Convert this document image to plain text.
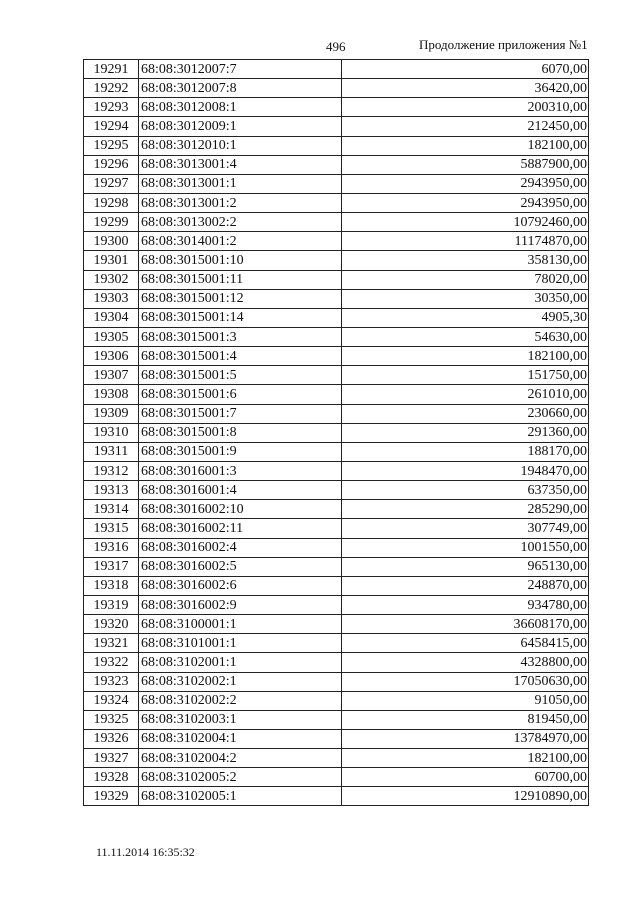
496	Продолжение приложения №1
19291	68:08:3012007:7	6070,00
19292	68:08:3012007:8	36420,00
19293	68:08:3012008:1	200310,00
19294	68:08:3012009:1	212450,00
19295	68:08:3012010:1	182100,00
19296	68:08:3013001:4	5887900,00
19297	68:08:3013001:1	2943950,00
19298	68:08:3013001:2	2943950,00
19299	68:08:3013002:2	10792460,00
19300	68:08:3014001:2	11174870,00
19301	68:08:3015001:10	358130,00
19302	68:08:3015001:11	78020,00
19303	68:08:3015001:12	30350,00
19304	68:08:3015001:14	4905,30
19305	68:08:3015001:3	54630,00
19306	68:08:3015001:4	182100,00
19307	68:08:3015001:5	151750,00
19308	68:08:3015001:6	261010,00
19309	68:08:3015001:7	230660,00
19310	68:08:3015001:8	291360,00
19311	68:08:3015001:9	188170,00
19312	68:08:3016001:3	1948470,00
19313	68:08:3016001:4	637350,00
19314	68:08:3016002:10	285290,00
19315	68:08:3016002:11	307749,00
19316	68:08:3016002:4	1001550,00
19317	68:08:3016002:5	965130,00
19318	68:08:3016002:6	248870,00
19319	68:08:3016002:9	934780,00
19320	68:08:3100001:1	36608170,00
19321	68:08:3101001:1	6458415,00
19322	68:08:3102001:1	4328800,00
19323	68:08:3102002:1	17050630,00
19324	68:08:3102002:2	91050,00
19325	68:08:3102003:1	819450,00
19326	68:08:3102004:1	13784970,00
19327	68:08:3102004:2	182100,00
19328	68:08:3102005:2	60700,00
19329	68:08:3102005:1	12910890,00
11.11.2014 16:35:32
